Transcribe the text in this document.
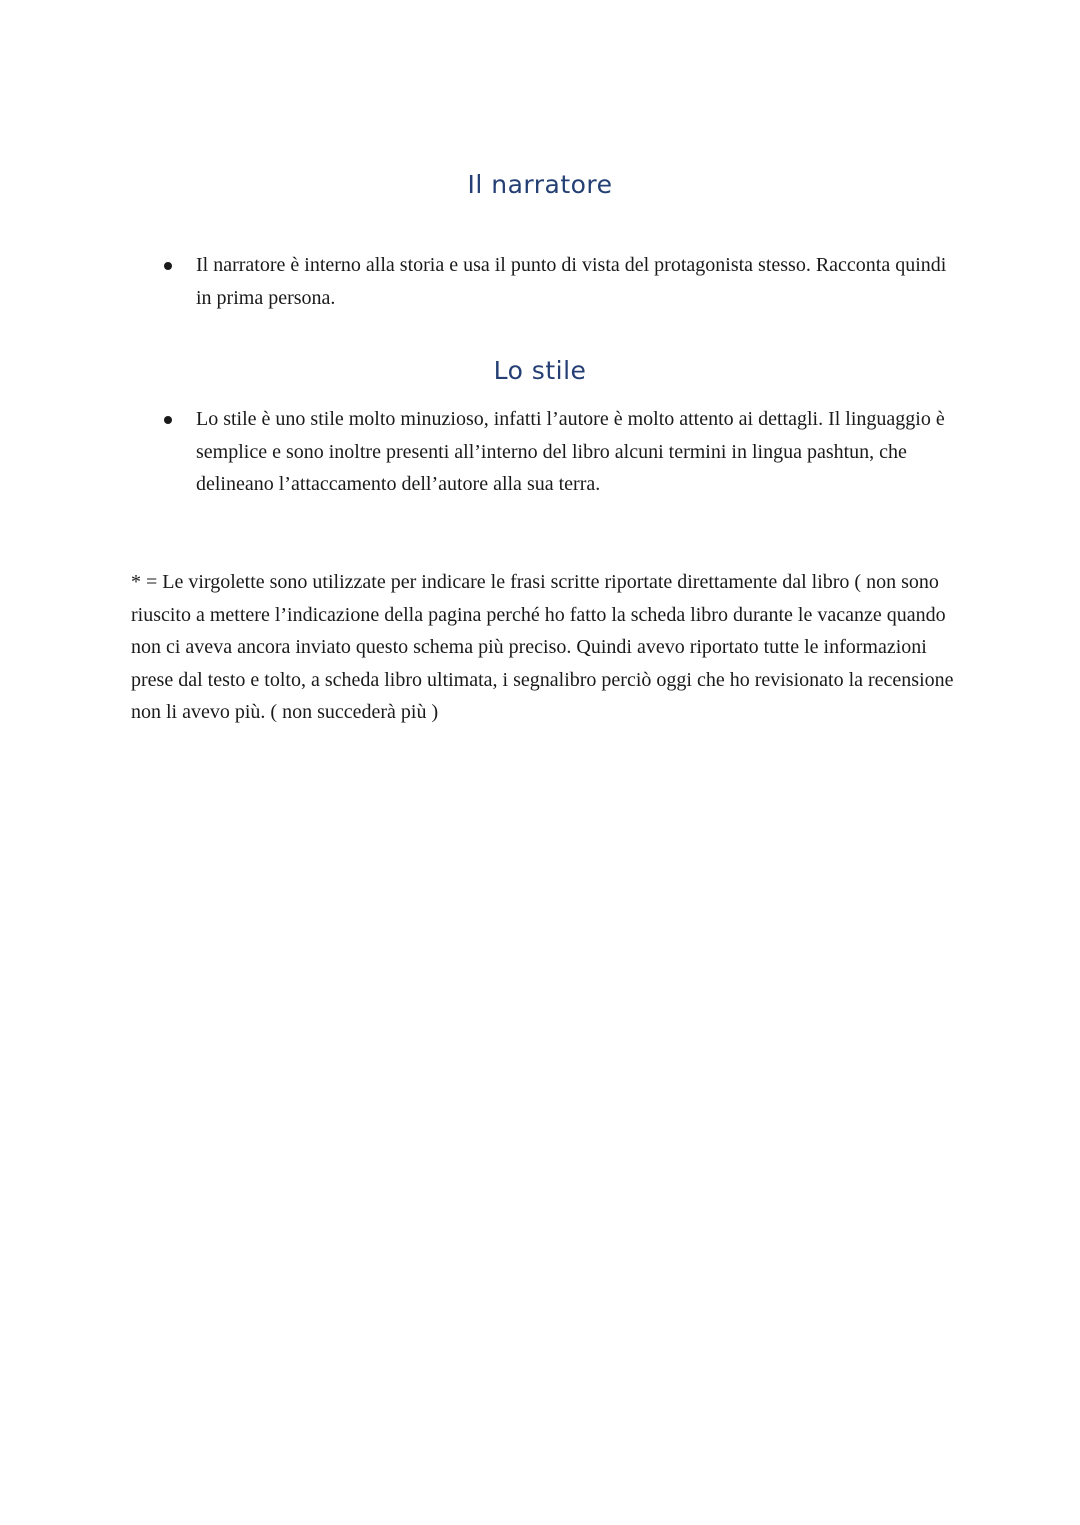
Il narratore
Il narratore è interno alla storia e usa il punto di vista del protagonista stesso. Racconta quindi in prima persona.
Lo stile
Lo stile è uno stile molto minuzioso, infatti l’autore è molto attento ai dettagli. Il linguaggio è semplice e sono inoltre presenti all’interno del libro alcuni termini in lingua pashtun, che delineano l’attaccamento dell’autore alla sua terra.

* = Le virgolette sono utilizzate per indicare le frasi scritte riportate direttamente dal libro ( non sono riuscito a mettere l’indicazione della pagina perché ho fatto la scheda libro durante le vacanze quando non ci aveva ancora inviato questo schema più preciso. Quindi avevo riportato tutte le informazioni prese dal testo e tolto, a scheda libro ultimata, i segnalibro perciò oggi che ho revisionato la recensione non li avevo più. ( non succederà più )
